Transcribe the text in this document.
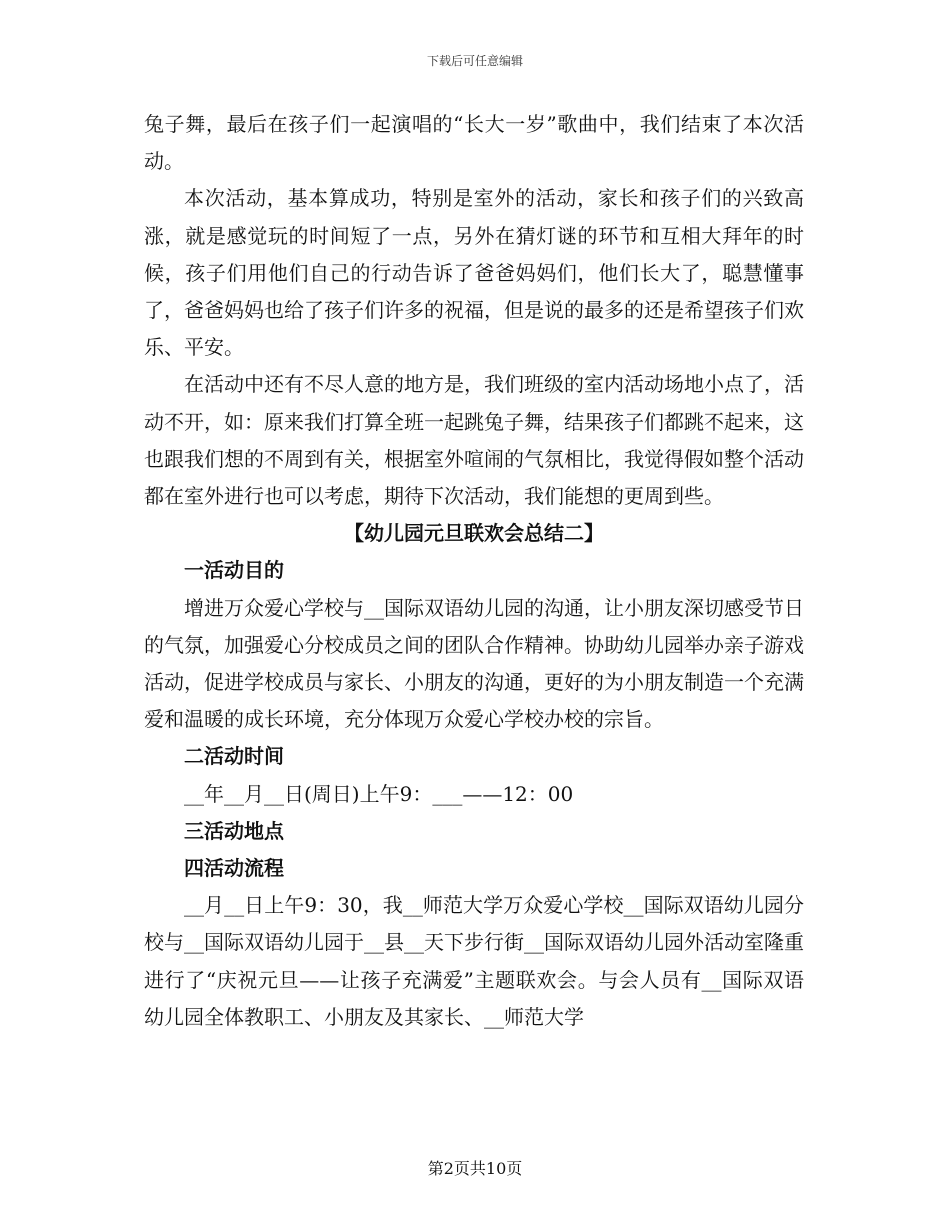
下载后可任意编辑

兔子舞，最后在孩子们一起演唱的“长大一岁”歌曲中，我们结束了本次活动。

本次活动，基本算成功，特别是室外的活动，家长和孩子们的兴致高涨，就是感觉玩的时间短了一点，另外在猜灯谜的环节和互相大拜年的时候，孩子们用他们自己的行动告诉了爸爸妈妈们，他们长大了，聪慧懂事了，爸爸妈妈也给了孩子们许多的祝福，但是说的最多的还是希望孩子们欢乐、平安。

在活动中还有不尽人意的地方是，我们班级的室内活动场地小点了，活动不开，如：原来我们打算全班一起跳兔子舞，结果孩子们都跳不起来，这也跟我们想的不周到有关，根据室外喧闹的气氛相比，我觉得假如整个活动都在室外进行也可以考虑，期待下次活动，我们能想的更周到些。

【幼儿园元旦联欢会总结二】

一活动目的

增进万众爱心学校与__国际双语幼儿园的沟通，让小朋友深切感受节日的气氛，加强爱心分校成员之间的团队合作精神。协助幼儿园举办亲子游戏活动，促进学校成员与家长、小朋友的沟通，更好的为小朋友制造一个充满爱和温暖的成长环境，充分体现万众爱心学校办校的宗旨。

二活动时间

__年__月__日(周日)上午9：___——12：00

三活动地点

四活动流程

__月__日上午9：30，我__师范大学万众爱心学校__国际双语幼儿园分校与__国际双语幼儿园于__县__天下步行街__国际双语幼儿园外活动室隆重进行了“庆祝元旦——让孩子充满爱”主题联欢会。与会人员有__国际双语幼儿园全体教职工、小朋友及其家长、__师范大学

第2页共10页
